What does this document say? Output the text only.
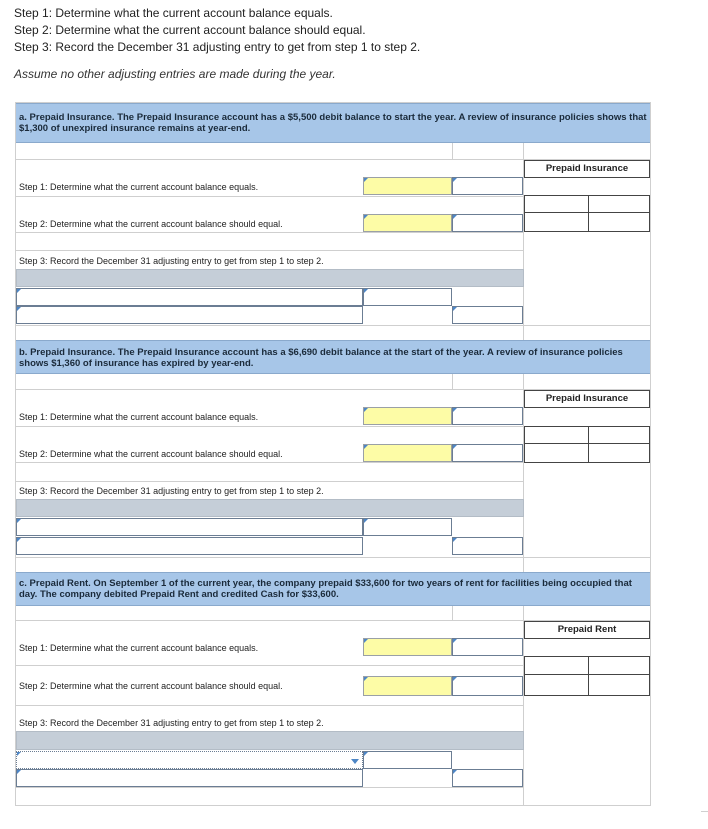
Step 1: Determine what the current account balance equals.
Step 2: Determine what the current account balance should equal.
Step 3: Record the December 31 adjusting entry to get from step 1 to step 2.
Assume no other adjusting entries are made during the year.
a. Prepaid Insurance. The Prepaid Insurance account has a $5,500 debit balance to start the year. A review of insurance policies shows that $1,300 of unexpired insurance remains at year-end.
Step 1: Determine what the current account balance equals.
Step 2: Determine what the current account balance should equal.
Step 3: Record the December 31 adjusting entry to get from step 1 to step 2.
Prepaid Insurance
b. Prepaid Insurance. The Prepaid Insurance account has a $6,690 debit balance at the start of the year. A review of insurance policies shows $1,360 of insurance has expired by year-end.
Step 1: Determine what the current account balance equals.
Step 2: Determine what the current account balance should equal.
Step 3: Record the December 31 adjusting entry to get from step 1 to step 2.
Prepaid Insurance
c. Prepaid Rent. On September 1 of the current year, the company prepaid $33,600 for two years of rent for facilities being occupied that day. The company debited Prepaid Rent and credited Cash for $33,600.
Step 1: Determine what the current account balance equals.
Step 2: Determine what the current account balance should equal.
Step 3: Record the December 31 adjusting entry to get from step 1 to step 2.
Prepaid Rent
